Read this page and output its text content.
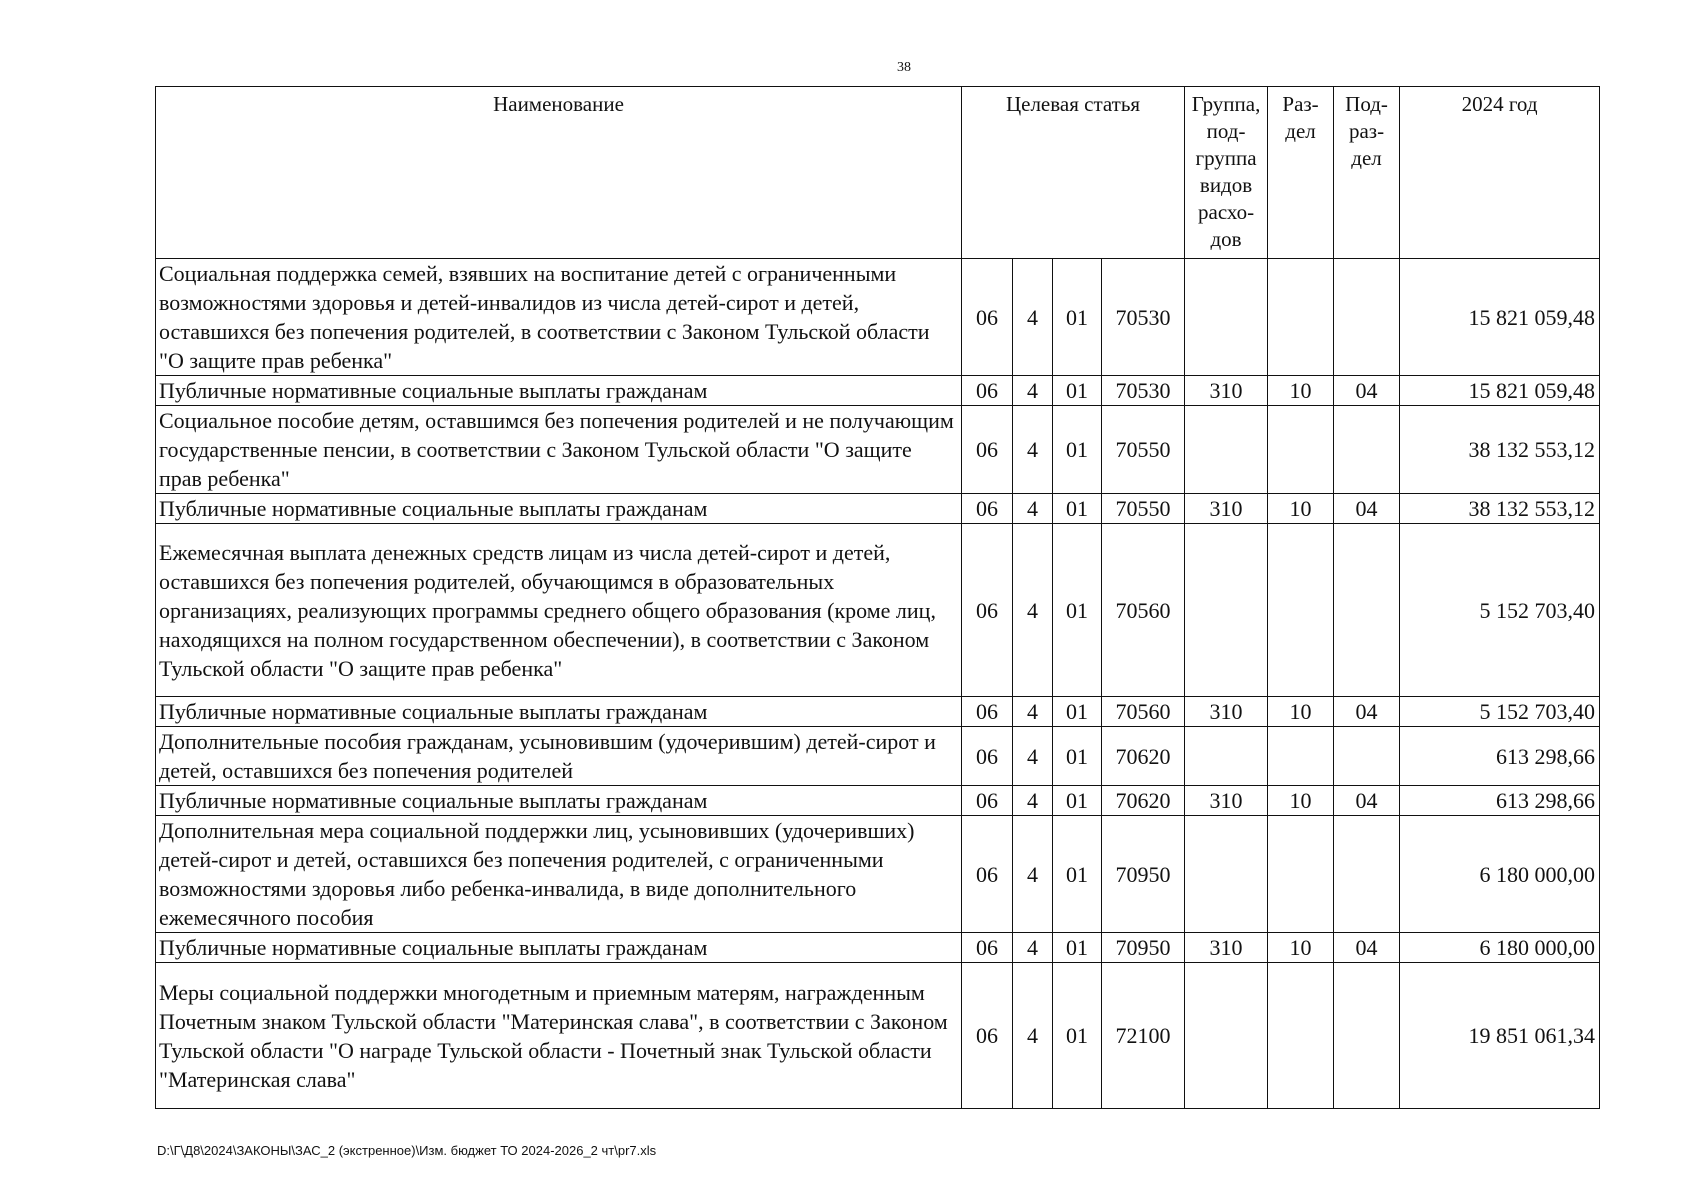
38
Наименование	Целевая статья				Группа, под-группа видов расхо-дов	Раз-дел	Под-раз-дел	2024 год
Социальная поддержка семей, взявших на воспитание детей с ограниченными возможностями здоровья и детей-инвалидов из числа детей-сирот и детей, оставшихся без попечения родителей, в соответствии с Законом Тульской области "О защите прав ребенка"	06	4	01	70530				15 821 059,48
Публичные нормативные социальные выплаты гражданам	06	4	01	70530	310	10	04	15 821 059,48
Социальное пособие детям, оставшимся без попечения родителей и не получающим государственные пенсии, в соответствии с Законом Тульской области "О защите прав ребенка"	06	4	01	70550				38 132 553,12
Публичные нормативные социальные выплаты гражданам	06	4	01	70550	310	10	04	38 132 553,12
Ежемесячная выплата денежных средств лицам из числа детей-сирот и детей, оставшихся без попечения родителей, обучающимся в образовательных организациях, реализующих программы среднего общего образования (кроме лиц, находящихся на полном государственном обеспечении), в соответствии с Законом Тульской области "О защите прав ребенка"	06	4	01	70560				5 152 703,40
Публичные нормативные социальные выплаты гражданам	06	4	01	70560	310	10	04	5 152 703,40
Дополнительные пособия гражданам, усыновившим (удочерившим) детей-сирот и детей, оставшихся без попечения родителей	06	4	01	70620				613 298,66
Публичные нормативные социальные выплаты гражданам	06	4	01	70620	310	10	04	613 298,66
Дополнительная мера социальной поддержки лиц, усыновивших (удочеривших) детей-сирот и детей, оставшихся без попечения родителей, с ограниченными возможностями здоровья либо ребенка-инвалида, в виде дополнительного ежемесячного пособия	06	4	01	70950				6 180 000,00
Публичные нормативные социальные выплаты гражданам	06	4	01	70950	310	10	04	6 180 000,00
Меры социальной поддержки многодетным и приемным матерям, награжденным Почетным знаком Тульской области "Материнская слава", в соответствии с Законом Тульской области "О награде Тульской области - Почетный знак Тульской области "Материнская слава"	06	4	01	72100				19 851 061,34
D:\Г\Д8\2024\ЗАКОНЫ\ЗАС_2 (экстренное)\Изм. бюджет ТО 2024-2026_2 чт\pr7.xls
